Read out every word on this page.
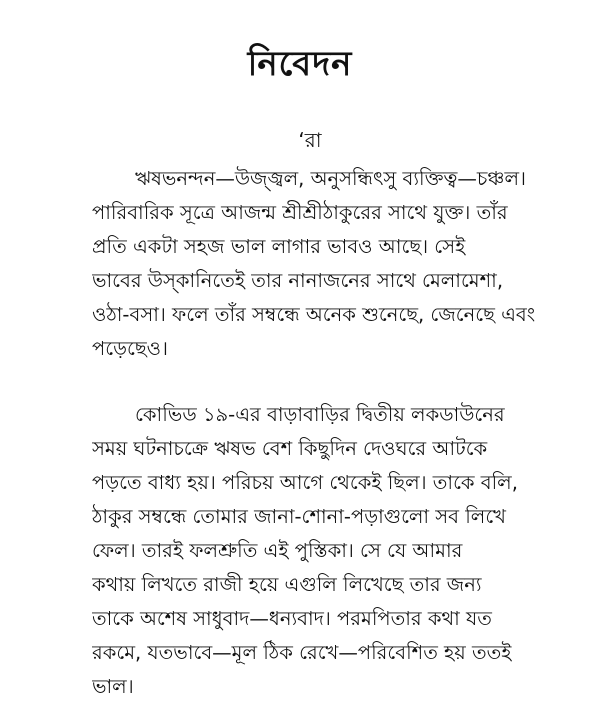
নিবেদন
‘রা
ঋষভনন্দন—উজ্জ্বল, অনুসন্ধিৎসু ব্যক্তিত্ব—চঞ্চল।
পারিবারিক সূত্রে আজন্ম শ্রীশ্রীঠাকুরের সাথে যুক্ত। তাঁর
প্রতি একটা সহজ ভাল লাগার ভাবও আছে। সেই
ভাবের উস্‌কানিতেই তার নানাজনের সাথে মেলামেশা,
ওঠা-বসা। ফলে তাঁর সম্বন্ধে অনেক শুনেছে, জেনেছে এবং
পড়েছেও।
কোভিড ১৯-এর বাড়াবাড়ির দ্বিতীয় লকডাউনের
সময় ঘটনাচক্রে ঋষভ বেশ কিছুদিন দেওঘরে আটকে
পড়তে বাধ্য হয়। পরিচয় আগে থেকেই ছিল। তাকে বলি,
ঠাকুর সম্বন্ধে তোমার জানা-শোনা-পড়াগুলো সব লিখে
ফেল। তারই ফলশ্রুতি এই পুস্তিকা। সে যে আমার
কথায় লিখতে রাজী হয়ে এগুলি লিখেছে তার জন্য
তাকে অশেষ সাধুবাদ—ধন্যবাদ। পরমপিতার কথা যত
রকমে, যতভাবে—মূল ঠিক রেখে—পরিবেশিত হয় ততই
ভাল।
